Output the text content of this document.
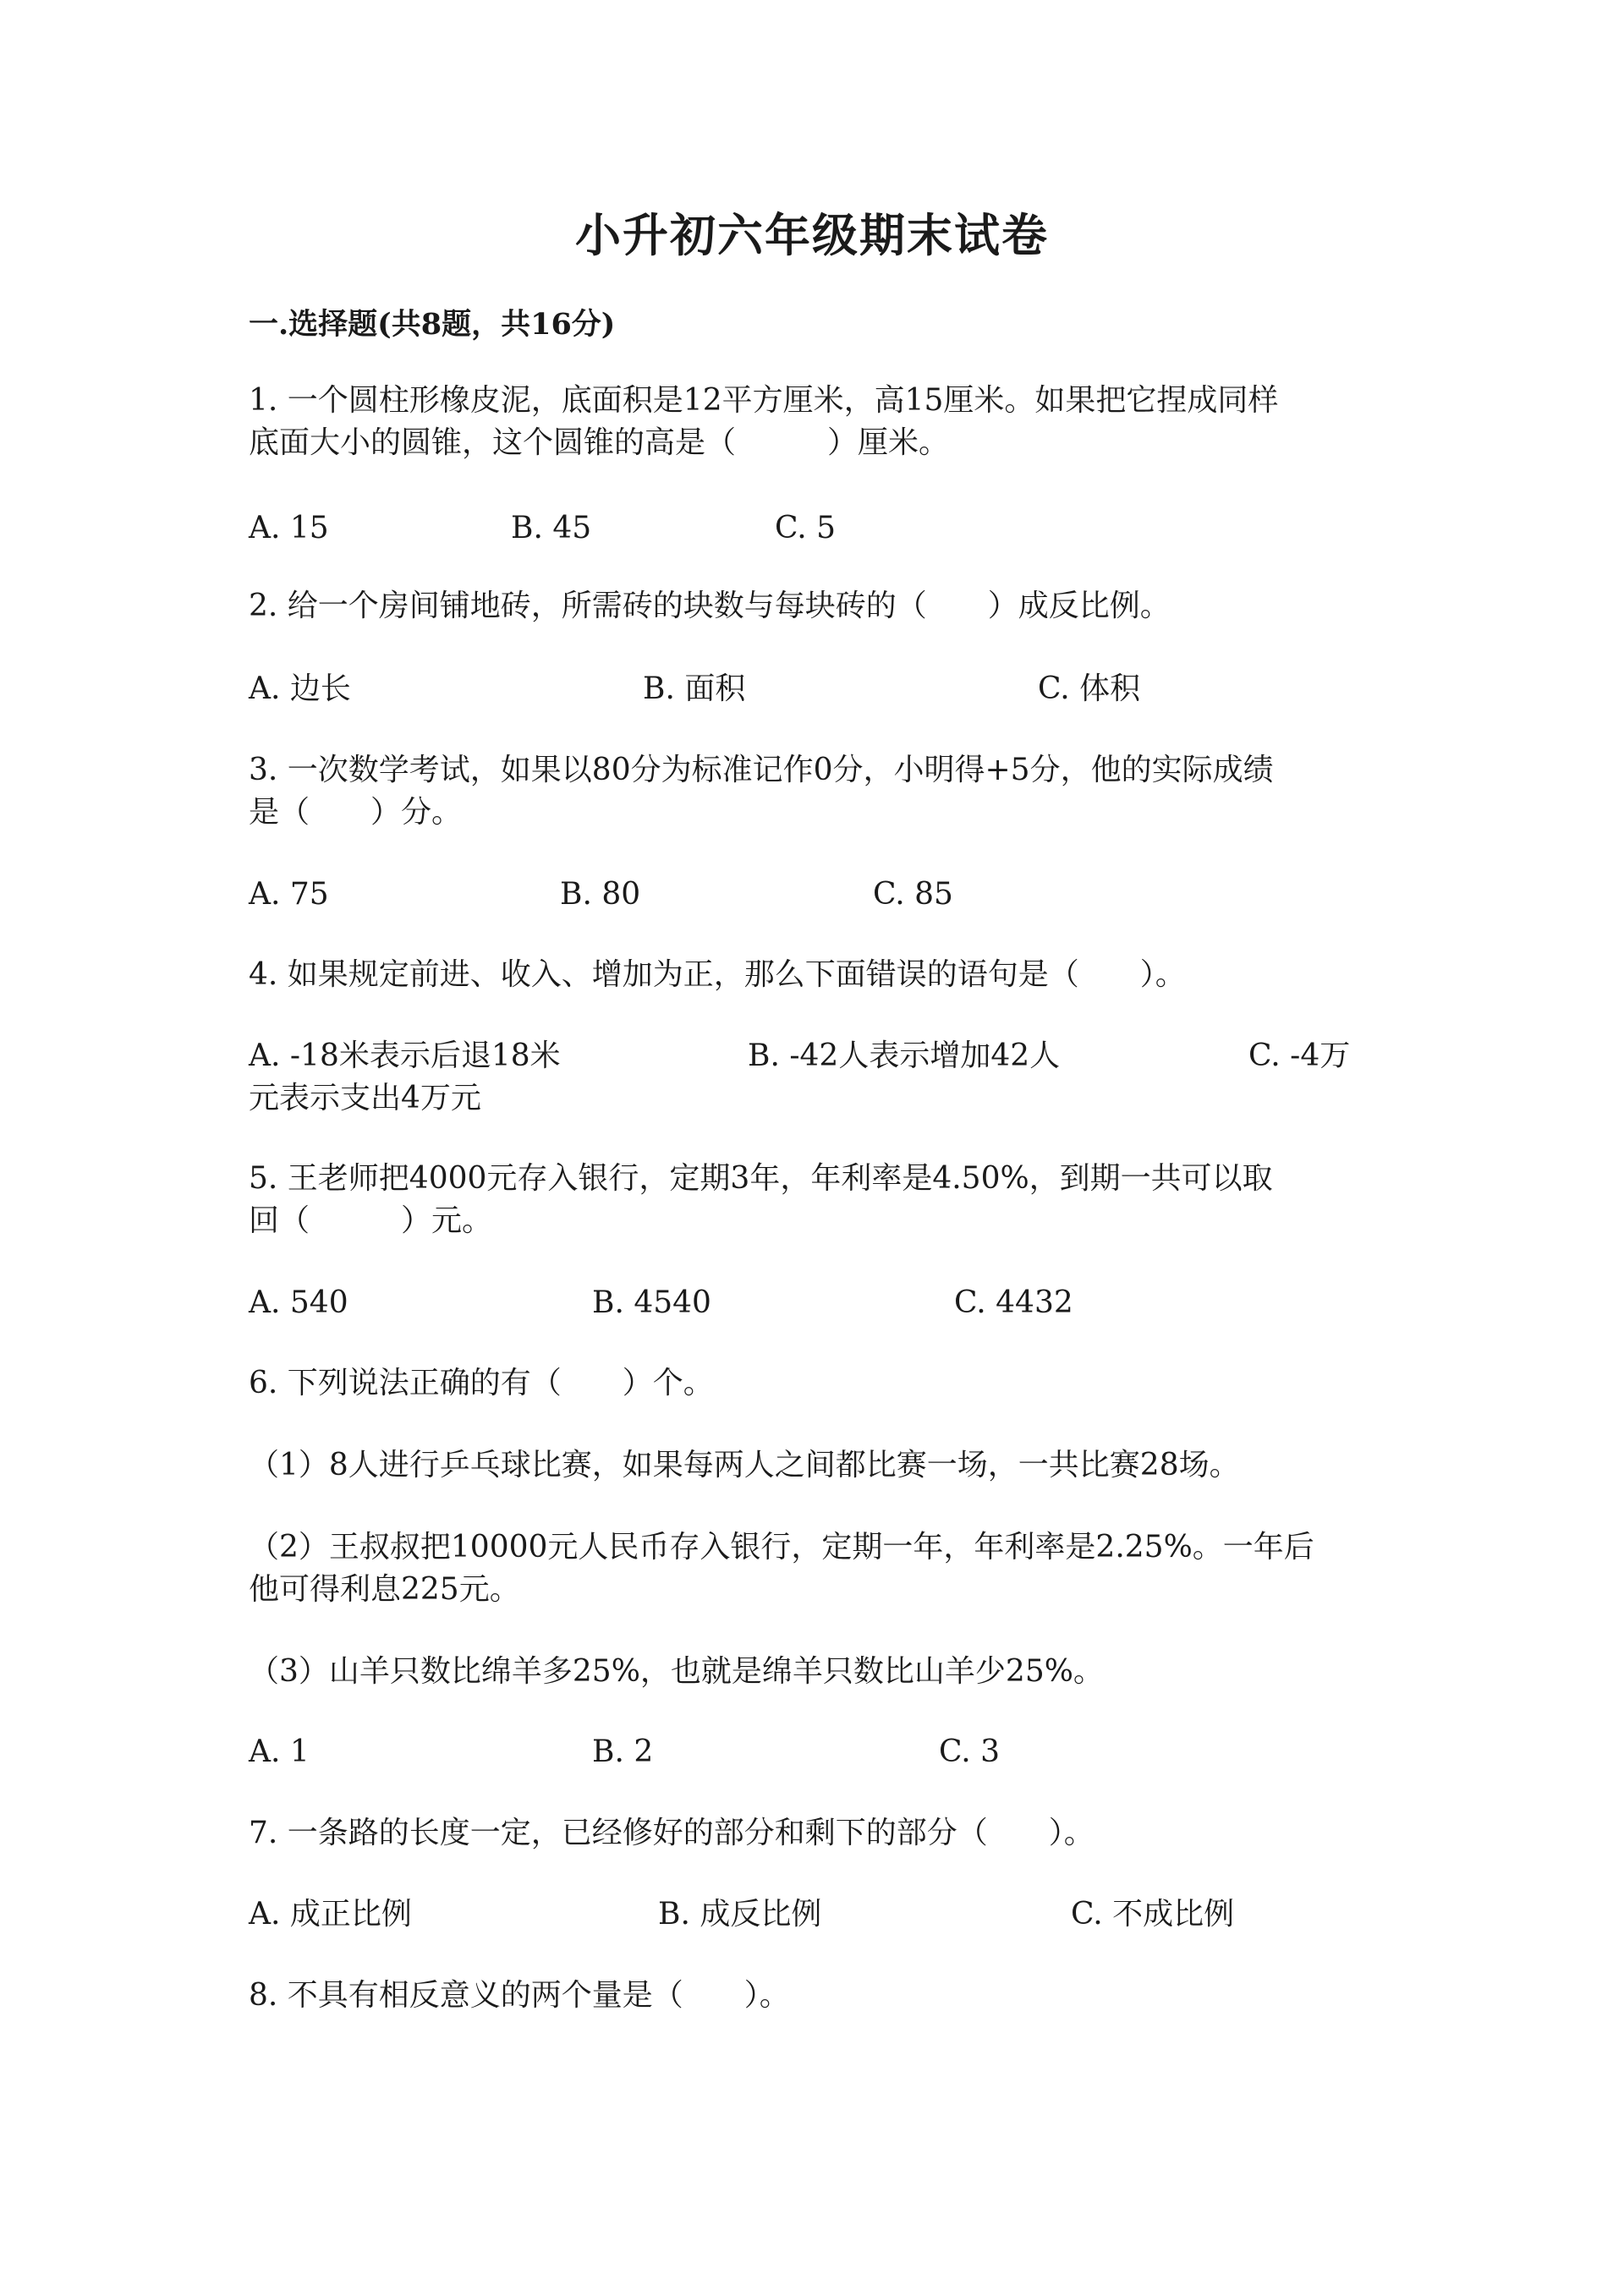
小升初六年级期末试卷
一.选择题(共8题，共16分)
1. 一个圆柱形橡皮泥，底面积是12平方厘米，高15厘米。如果把它捏成同样
底面大小的圆锥，这个圆锥的高是（　　　）厘米。
A. 15	B. 45	C. 5
2. 给一个房间铺地砖，所需砖的块数与每块砖的（　　）成反比例。
A. 边长	B. 面积	C. 体积
3. 一次数学考试，如果以80分为标准记作0分，小明得+5分，他的实际成绩
是（　　）分。
A. 75	B. 80	C. 85
4. 如果规定前进、收入、增加为正，那么下面错误的语句是（　　）。
A. -18米表示后退18米	B. -42人表示增加42人	C. -4万
元表示支出4万元
5. 王老师把4000元存入银行，定期3年，年利率是4.50%，到期一共可以取
回（　　　）元。
A. 540	B. 4540	C. 4432
6. 下列说法正确的有（　　）个。
（1）8人进行乒乓球比赛，如果每两人之间都比赛一场，一共比赛28场。
（2）王叔叔把10000元人民币存入银行，定期一年，年利率是2.25%。一年后
他可得利息225元。
（3）山羊只数比绵羊多25%，也就是绵羊只数比山羊少25%。
A. 1	B. 2	C. 3
7. 一条路的长度一定，已经修好的部分和剩下的部分（　　）。
A. 成正比例	B. 成反比例	C. 不成比例
8. 不具有相反意义的两个量是（　　）。
